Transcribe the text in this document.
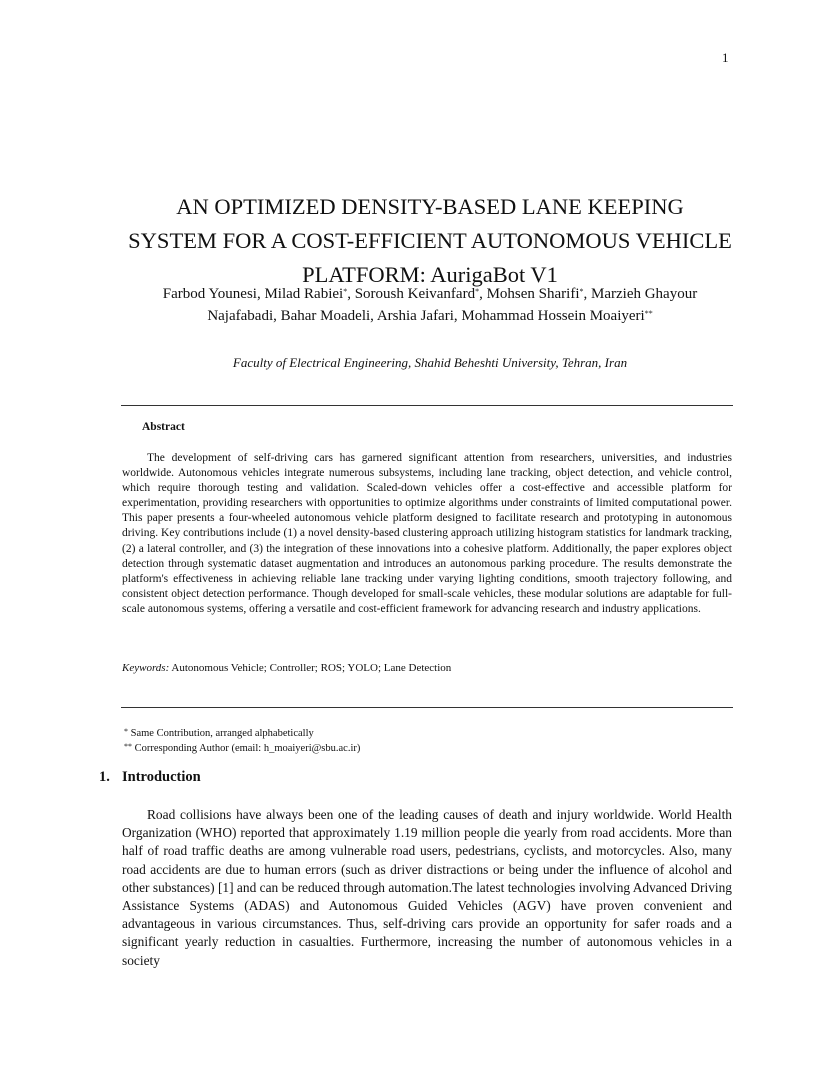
1
AN OPTIMIZED DENSITY-BASED LANE KEEPING
SYSTEM FOR A COST-EFFICIENT AUTONOMOUS VEHICLE
PLATFORM: AurigaBot V1
Farbod Younesi, Milad Rabiei*, Soroush Keivanfard*, Mohsen Sharifi*, Marzieh Ghayour
Najafabadi, Bahar Moadeli, Arshia Jafari, Mohammad Hossein Moaiyeri**
Faculty of Electrical Engineering, Shahid Beheshti University, Tehran, Iran
Abstract

The development of self-driving cars has garnered significant attention from researchers, universities, and industries worldwide. Autonomous vehicles integrate numerous subsystems, including lane tracking, object detection, and vehicle control, which require thorough testing and validation. Scaled-down vehicles offer a cost-effective and accessible platform for experimentation, providing researchers with opportunities to optimize algorithms under constraints of limited computational power. This paper presents a four-wheeled autonomous vehicle platform designed to facilitate research and prototyping in autonomous driving. Key contributions include (1) a novel density-based clustering approach utilizing histogram statistics for landmark tracking, (2) a lateral controller, and (3) the integration of these innovations into a cohesive platform. Additionally, the paper explores object detection through systematic dataset augmentation and introduces an autonomous parking procedure. The results demonstrate the platform's effectiveness in achieving reliable lane tracking under varying lighting conditions, smooth trajectory following, and consistent object detection performance. Though developed for small-scale vehicles, these modular solutions are adaptable for full-scale autonomous systems, offering a versatile and cost-efficient framework for advancing research and industry applications.

Keywords: Autonomous Vehicle; Controller; ROS; YOLO; Lane Detection
* Same Contribution, arranged alphabetically
** Corresponding Author (email: h_moaiyeri@sbu.ac.ir)
1. Introduction

Road collisions have always been one of the leading causes of death and injury worldwide. World Health Organization (WHO) reported that approximately 1.19 million people die yearly from road accidents. More than half of road traffic deaths are among vulnerable road users, pedestrians, cyclists, and motorcycles. Also, many road accidents are due to human errors (such as driver distractions or being under the influence of alcohol and other substances) [1] and can be reduced through automation.The latest technologies involving Advanced Driving Assistance Systems (ADAS) and Autonomous Guided Vehicles (AGV) have proven convenient and advantageous in various circumstances. Thus, self-driving cars provide an opportunity for safer roads and a significant yearly reduction in casualties. Furthermore, increasing the number of autonomous vehicles in a society
